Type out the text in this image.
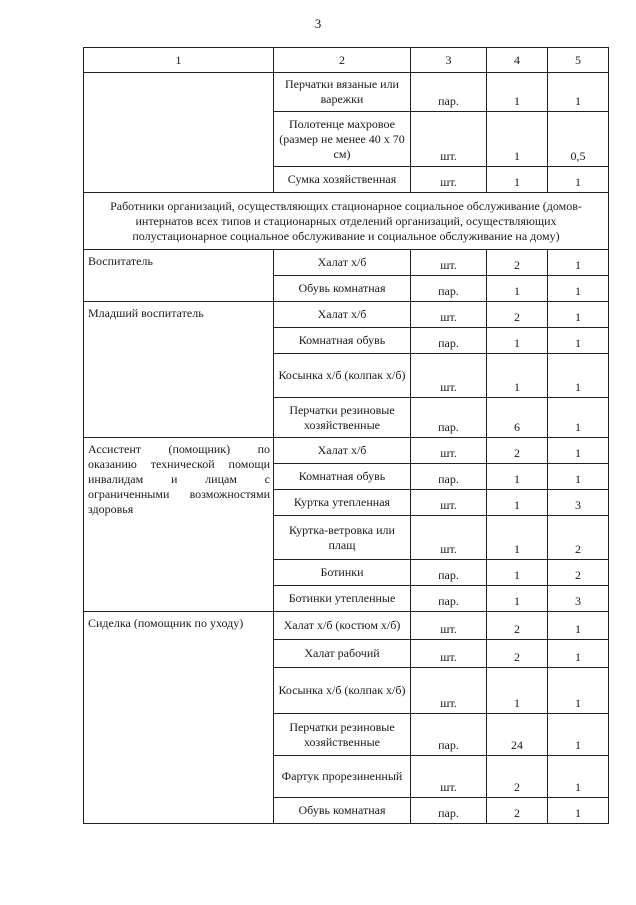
3
1	2	3	4	5
	Перчатки вязаные или варежки	пар.	1	1
	Полотенце махровое (размер не менее 40 х 70 см)	шт.	1	0,5
	Сумка хозяйственная	шт.	1	1
Работники организаций, осуществляющих стационарное социальное обслуживание (домов-интернатов всех типов и стационарных отделений организаций, осуществляющих полустационарное социальное обслуживание и социальное обслуживание на дому)				
Воспитатель	Халат х/б	шт.	2	1
	Обувь комнатная	пар.	1	1
Младший воспитатель	Халат х/б	шт.	2	1
	Комнатная обувь	пар.	1	1
	Косынка х/б (колпак х/б)	шт.	1	1
	Перчатки резиновые хозяйственные	пар.	6	1
Ассистент (помощник) по оказанию технической помощи инвалидам и лицам с ограниченными возможностями здоровья	Халат х/б	шт.	2	1
	Комнатная обувь	пар.	1	1
	Куртка утепленная	шт.	1	3
	Куртка-ветровка или плащ	шт.	1	2
	Ботинки	пар.	1	2
	Ботинки утепленные	пар.	1	3
Сиделка (помощник по уходу)	Халат х/б (костюм х/б)	шт.	2	1
	Халат рабочий	шт.	2	1
	Косынка х/б (колпак х/б)	шт.	1	1
	Перчатки резиновые хозяйственные	пар.	24	1
	Фартук прорезиненный	шт.	2	1
	Обувь комнатная	пар.	2	1
